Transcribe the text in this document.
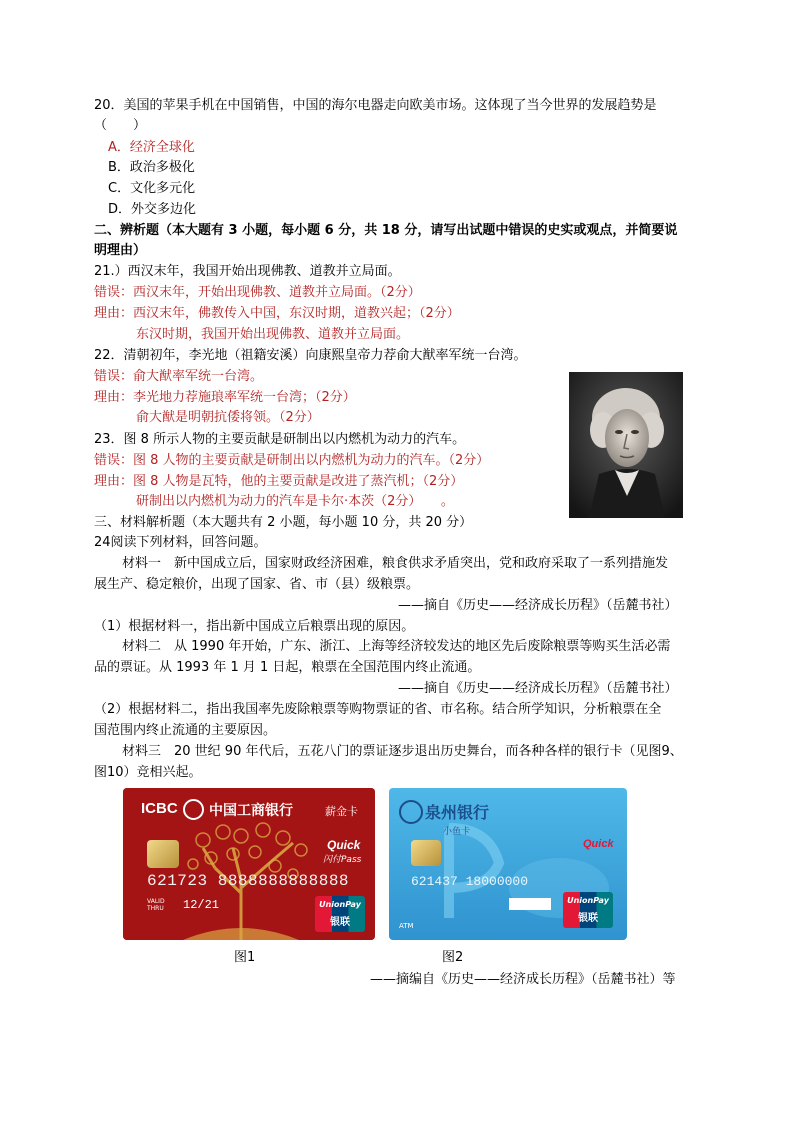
20．美国的苹果手机在中国销售，中国的海尔电器走向欧美市场。这体现了当今世界的发展趋势是
（　　）
A．经济全球化
B．政治多极化
C．文化多元化
D．外交多边化
二、辨析题（本大题有 3 小题，每小题 6 分，共 18 分，请写出试题中错误的史实或观点，并简要说
明理由）
21.）西汉末年，我国开始出现佛教、道教并立局面。
错误：西汉末年，开始出现佛教、道教并立局面。（2分）
理由：西汉末年，佛教传入中国，东汉时期，道教兴起；（2分）
东汉时期，我国开始出现佛教、道教并立局面。
22．清朝初年，李光地（祖籍安溪）向康熙皇帝力荐俞大猷率军统一台湾。
错误：俞大猷率军统一台湾。
理由：李光地力荐施琅率军统一台湾；（2分）
俞大猷是明朝抗倭将领。（2分）
23．图 8 所示人物的主要贡献是研制出以内燃机为动力的汽车。
错误：图 8 人物的主要贡献是研制出以内燃机为动力的汽车。（2分）
理由：图 8 人物是瓦特，他的主要贡献是改进了蒸汽机；（2分）
研制出以内燃机为动力的汽车是卡尔·本茨（2分）　　。
三、材料解析题（本大题共有 2 小题，每小题 10 分，共 20 分）
24阅读下列材料，回答问题。
材料一　新中国成立后，国家财政经济困难，粮食供求矛盾突出，党和政府采取了一系列措施发
展生产、稳定粮价，出现了国家、省、市（县）级粮票。
——摘自《历史——经济成长历程》（岳麓书社）
（1）根据材料一，指出新中国成立后粮票出现的原因。
材料二　从 1990 年开始，广东、浙江、上海等经济较发达的地区先后废除粮票等购买生活必需
品的票证。从 1993 年 1 月 1 日起，粮票在全国范围内终止流通。
——摘自《历史——经济成长历程》（岳麓书社）
（2）根据材料二，指出我国率先废除粮票等购物票证的省、市名称。结合所学知识，分析粮票在全
国范围内终止流通的主要原因。
材料三　20 世纪 90 年代后，五花八门的票证逐步退出历史舞台，而各种各样的银行卡（见图9、
图10）竞相兴起。
ICBC 中国工商银行	薪金卡
Quick
闪付Pass
621723 8888888888888
VALID THRU	12/21	UnionPay
银联
泉州银行
小鱼卡
Quick
621437 18000000
ATM
UnionPay
银联
图1	图2
——摘编自《历史——经济成长历程》（岳麓书社）等
